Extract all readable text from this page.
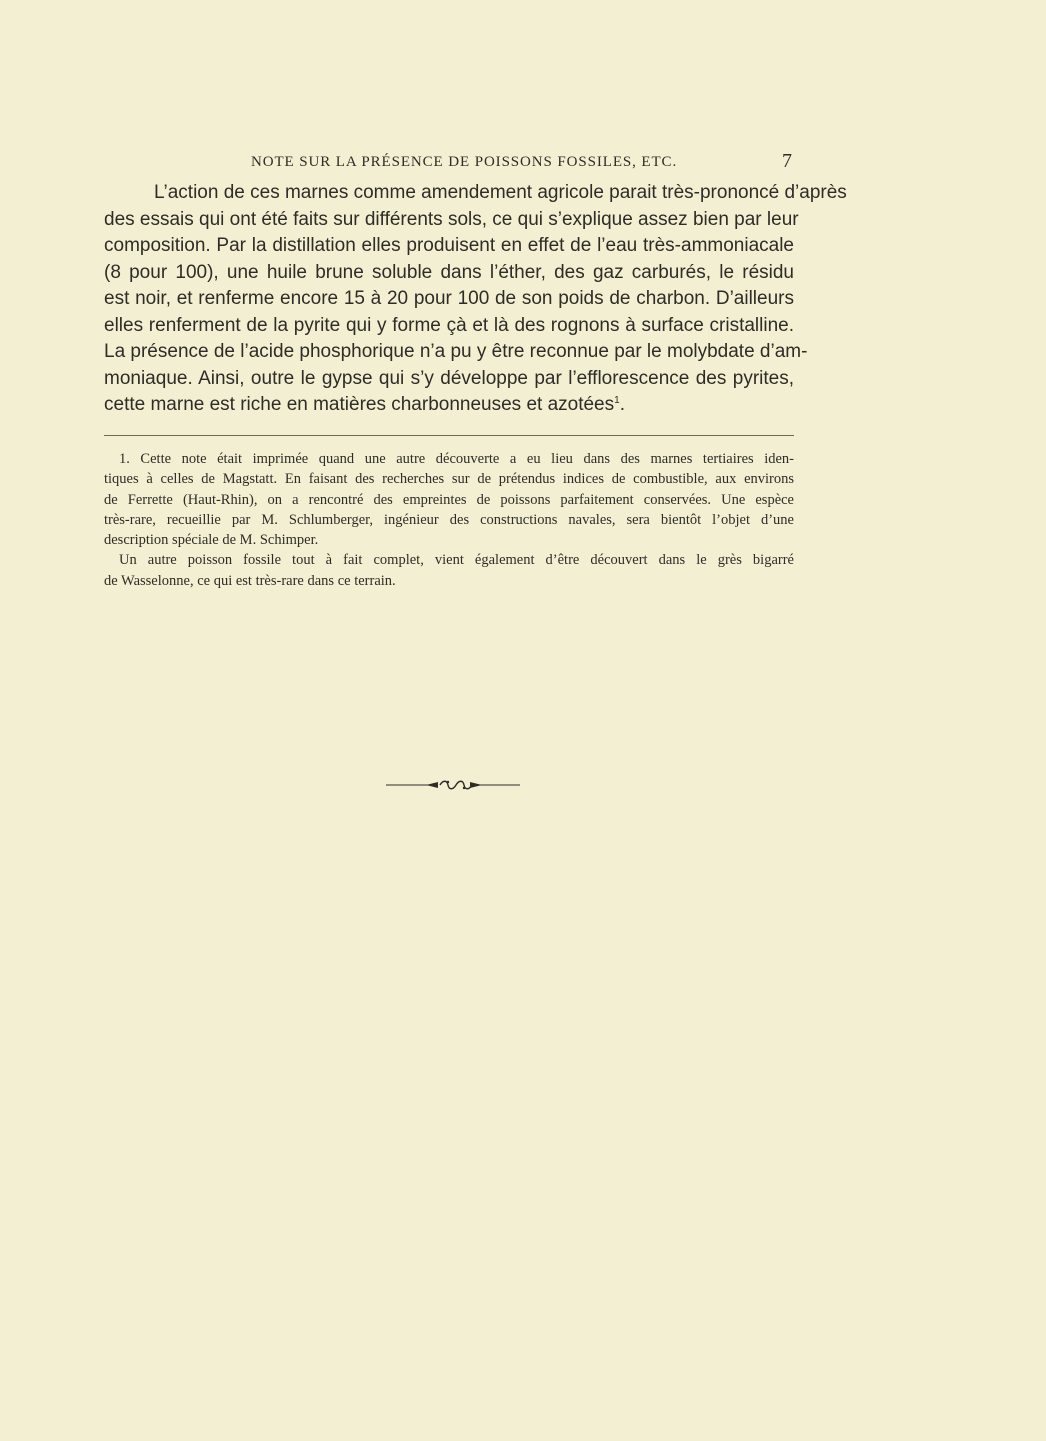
NOTE SUR LA PRÉSENCE DE POISSONS FOSSILES, ETC.	7
L’action de ces marnes comme amendement agricole parait très-prononcé d’après
des essais qui ont été faits sur différents sols, ce qui s’explique assez bien par leur
composition. Par la distillation elles produisent en effet de l’eau très-ammoniacale
(8 pour 100), une huile brune soluble dans l’éther, des gaz carburés, le résidu
est noir, et renferme encore 15 à 20 pour 100 de son poids de charbon. D’ailleurs
elles renferment de la pyrite qui y forme çà et là des rognons à surface cristalline.
La présence de l’acide phosphorique n’a pu y être reconnue par le molybdate d’am-
moniaque. Ainsi, outre le gypse qui s’y développe par l’efflorescence des pyrites,
cette marne est riche en matières charbonneuses et azotées$^1$.
1. Cette note était imprimée quand une autre découverte a eu lieu dans des marnes tertiaires iden-
tiques à celles de Magstatt. En faisant des recherches sur de prétendus indices de combustible, aux environs
de Ferrette (Haut-Rhin), on a rencontré des empreintes de poissons parfaitement conservées. Une espèce
très-rare, recueillie par M. Schlumberger, ingénieur des constructions navales, sera bientôt l’objet d’une
description spéciale de M. Schimper.
Un autre poisson fossile tout à fait complet, vient également d’être découvert dans le grès bigarré
de Wasselonne, ce qui est très-rare dans ce terrain.
